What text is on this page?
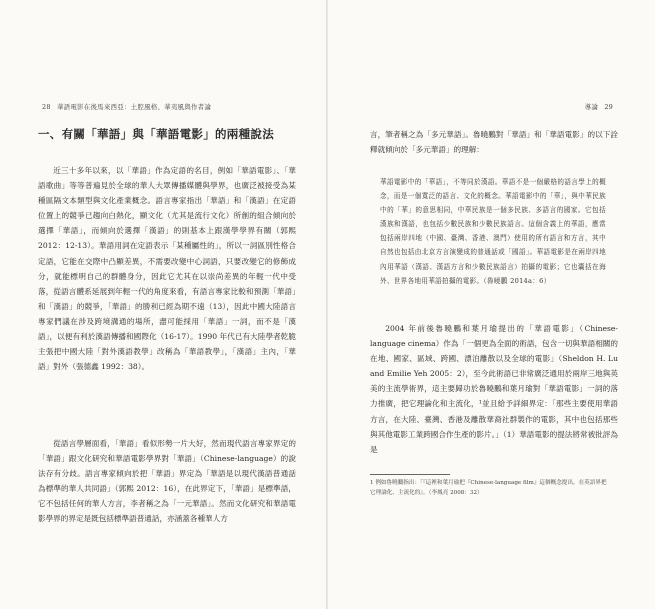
28 華語電影在後馬來西亞：土腔風格、華夷風與作者論
一、有關「華語」與「華語電影」的兩種說法

近三十多年以來，以「華語」作為定語的名目，例如「華語電影」、「華語歌曲」等等普遍見於全球的華人大眾傳播媒體與學界，也廣泛被接受為某種區隔文本類型與文化產業概念。語言專家指出「華語」和「漢語」在定語位置上的競爭已趨向白熱化，顯文化（尤其是流行文化）所創的組合傾向於選擇「華語」，而傾向於選擇「漢語」的則基本上跟漢學學界有關（郭熙 2012：12-13）。華語用詞在定語表示「某種屬性的」，所以一詞區別性格合定語，它能在交際中凸顯差異，不需要改變中心詞語，只要改變它的修飾成分，就能標明自己的群體身分，因此它尤其在以崇尚差異的年輕一代中受落，從語言體系延展到年輕一代的角度來看，有語言專家比較和預測「華語」和「漢語」的競爭，「華語」的勝利已經為期不遠（13），因此中國大陸語言專家們議在涉及跨境溝通的場所，盡可能採用「華語」一詞，而不是「漢語」，以便有利於漢語傳播和國際化（16-17）。1990 年代已有大陸學者乾脆主張把中國大陸「對外漢語教學」改稱為「華語教學」，「漢語」主內，「華語」對外（張德鑫 1992：38）。

從語言學層面看，「華語」看似形勢一片大好，然而現代語言專家界定的「華語」跟文化研究和華語電影學界對「華語」（Chinese-language）的說法存有分歧。語言專家傾向於把「華語」界定為「華語是以現代漢語普通話為標準的華人共同語」（郭熙 2012：16），在此界定下，「華語」是標準語，它不包括任何的華人方言，李者稱之為「一元華語」。然而文化研究和華語電影學界的界定是既包括標準語普通話，亦涵蓋各種華人方

導論 29

言，筆者稱之為「多元華語」。魯曉鵬對「華語」和「華語電影」的以下詮釋就傾向於「多元華語」的理解：

華語電影中的「華語」，不等同於漢語。華語不是一個嚴格的語言學上的概念，而是一個寬泛的語言、文化的概念。華語電影中的「華」，與中華民族中的「華」的意思相同，中華民族是一個多民族、多語言的國家。它包括漢族和漢語，也包括少數民族和少數民族語言。這個含義上的華語，應當包括兩岸四地（中國、臺灣、香港、澳門）使用的所有語言和方言，其中自然也包括由北京方言演變成的普通話或「國語」。華語電影是在兩岸四地內用華語（漢語、漢語方言和少數民族語言）拍攝的電影；它也囊括在海外、世界各地用華語拍攝的電影。（魯曉鵬 2014a：6）

2004 年前後魯曉鵬和葉月瑜提出的「華語電影」（Chinese-language cinema）作為「一個更為全面的術語，包含一切與華語相關的在地、國家、區域、跨國、漂泊離散以及全球的電影」（Sheldon H. Lu and Emilie Yeh 2005：2），至今此術語已非常廣泛通用於兩岸三地與英美的主流學術界，這主要歸功於魯曉鵬和葉月瑜對「華語電影」一詞的落力推廣，把它理論化和主流化，¹並且給予詳細界定：「那些主要使用華語方言，在大陸、臺灣、香港及離散華裔社群製作的電影，其中也包括那些與其他電影工業跨國合作生產的影片。」（1）華語電影的提法將常被批評為是

1 例如魯曉鵬指出：「『這裡和葉月瑜把『Chinese-language film』這個概念提出，在英語界把它理論化、主流化的』。（李鳳亮 2008：32）
